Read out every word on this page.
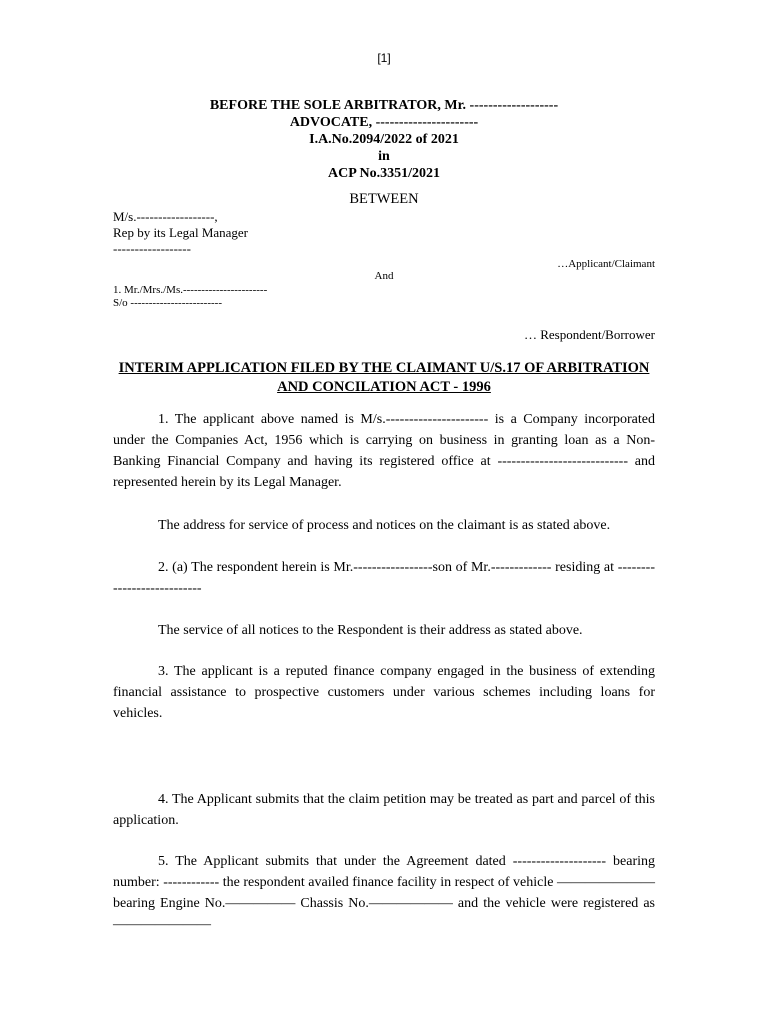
[1]

BEFORE THE SOLE ARBITRATOR, Mr. -------------------

ADVOCATE, ----------------------

I.A.No.2094/2022 of 2021

in

ACP No.3351/2021

BETWEEN

M/s.------------------,

Rep by its Legal Manager

------------------

…Applicant/Claimant

And

1. Mr./Mrs./Ms.-----------------------

S/o -------------------------

… Respondent/Borrower

INTERIM APPLICATION FILED BY THE CLAIMANT U/S.17 OF ARBITRATION AND CONCILATION ACT - 1996

1. The applicant above named is M/s.---------------------- is a Company incorporated under the Companies Act, 1956 which is carrying on business in granting loan as a Non- Banking Financial Company and having its registered office at ---------------------------- and represented herein by its Legal Manager.

The address for service of process and notices on the claimant is as stated above.

2. (a) The respondent herein is Mr.-----------------son of Mr.------------- residing at ---------------------------

The service of all notices to the Respondent is their address as stated above.

3. The applicant is a reputed finance company engaged in the business of extending financial assistance to prospective customers under various schemes including loans for vehicles.

4. The Applicant submits that the claim petition may be treated as part and parcel of this application.

5. The Applicant submits that under the Agreement dated -------------------- bearing number: ------------ the respondent availed finance facility in respect of vehicle ——————— bearing Engine No.————— Chassis No.—————— and the vehicle were registered as ———————
